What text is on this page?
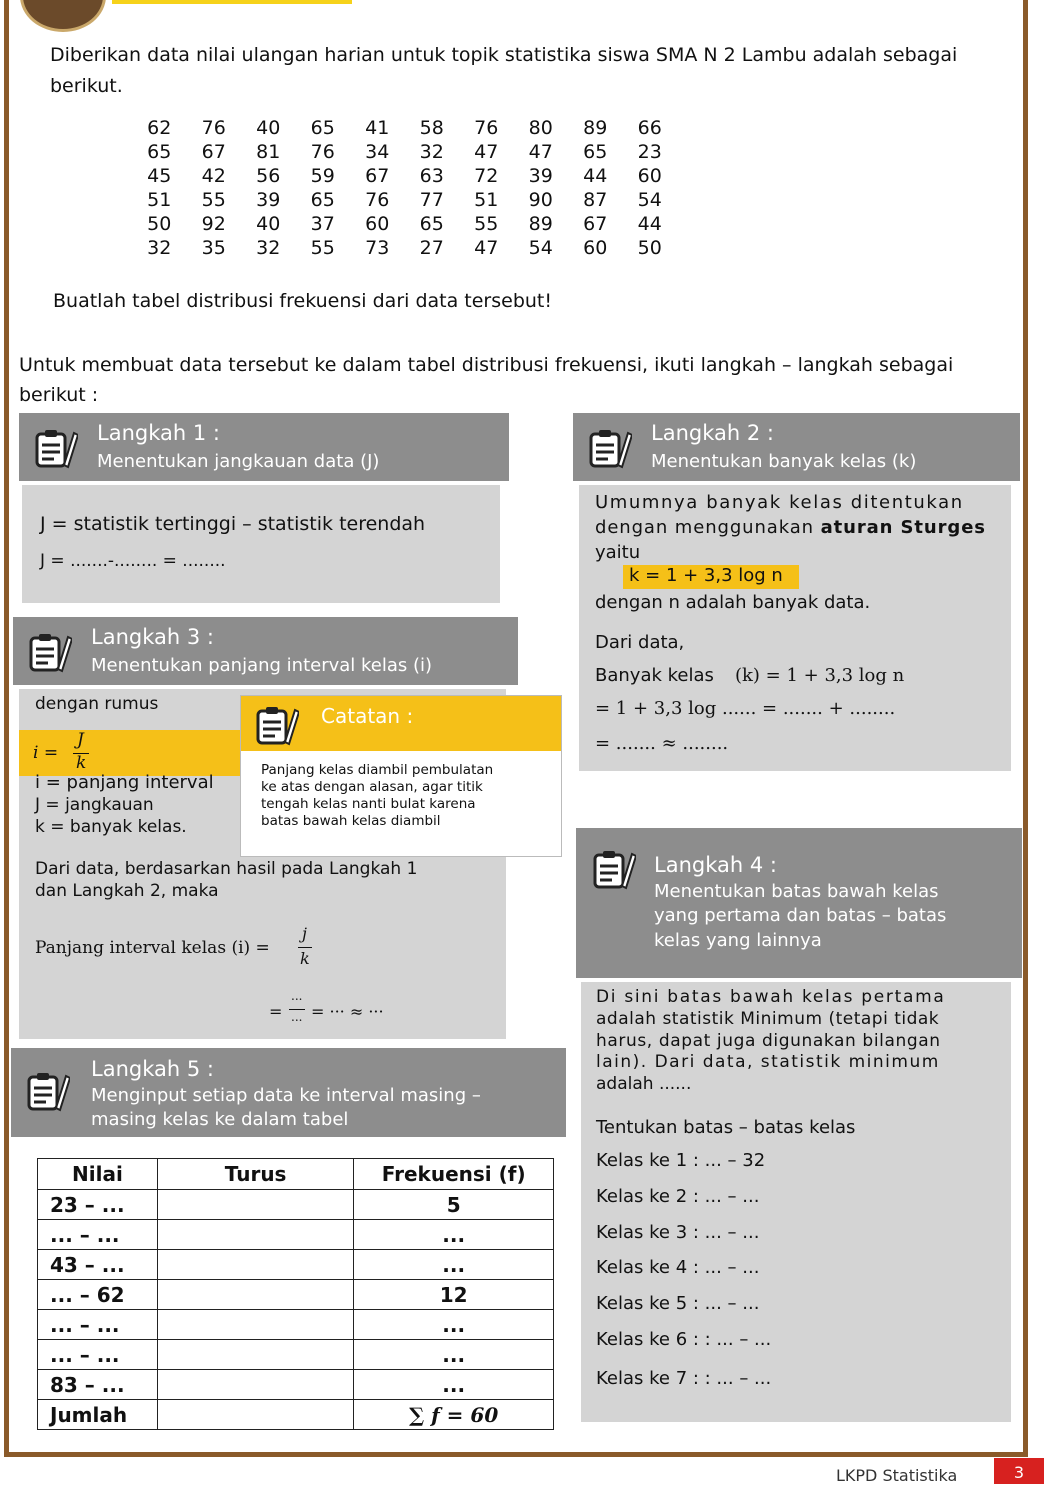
Diberikan data nilai ulangan harian untuk topik statistika siswa SMA N 2 Lambu adalah sebagai berikut.
62	76	40	65	41	58	76	80	89	66
65	67	81	76	34	32	47	47	65	23
45	42	56	59	67	63	72	39	44	60
51	55	39	65	76	77	51	90	87	54
50	92	40	37	60	65	55	89	67	44
32	35	32	55	73	27	47	54	60	50
Buatlah tabel distribusi frekuensi dari data tersebut!
Untuk membuat data tersebut ke dalam tabel distribusi frekuensi, ikuti langkah – langkah sebagai berikut :
Langkah 1 :
Menentukan jangkauan data (J)
J = statistik tertinggi – statistik terendah
J = .......-........ = ........
Langkah 2 :
Menentukan banyak kelas (k)
Umumnya banyak kelas ditentukan
dengan menggunakan aturan Sturges
yaitu
k = 1 + 3,3 log n
dengan n adalah banyak data.
Dari data,
Banyak kelas (k) = 1 + 3,3 log n
= 1 + 3,3 log ...... = ....... + ........
= ....... ≈ ........
Langkah 3 :
Menentukan panjang interval kelas (i)
dengan rumus
i =
J
k
i = panjang interval
J = jangkauan
k = banyak kelas.
Dari data, berdasarkan hasil pada Langkah 1
dan Langkah 2, maka
Panjang interval kelas (i) =
j
k
=
...
... = ··· ≈ ···
Catatan :
Panjang kelas diambil pembulatan
ke atas dengan alasan, agar titik
tengah kelas nanti bulat karena
batas bawah kelas diambil
Langkah 4 :
Menentukan batas bawah kelas
yang pertama dan batas – batas
kelas yang lainnya
Di sini batas bawah kelas pertama
adalah statistik Minimum (tetapi tidak
harus, dapat juga digunakan bilangan
lain). Dari data, statistik minimum
adalah ......
Tentukan batas – batas kelas
Kelas ke 1 : ... – 32
Kelas ke 2 : ... – ...
Kelas ke 3 : ... – ...
Kelas ke 4 : ... – ...
Kelas ke 5 : ... – ...
Kelas ke 6 : : ... – ...
Kelas ke 7 : : ... – ...
Langkah 5 :
Menginput setiap data ke interval masing –
masing kelas ke dalam tabel
Nilai	Turus	Frekuensi (f)
23 – ...		5
... – ...		...
43 – ...		...
... – 62		12
... – ...		...
... – ...		...
83 – ...		...
Jumlah		∑ f = 60
LKPD Statistika	3
